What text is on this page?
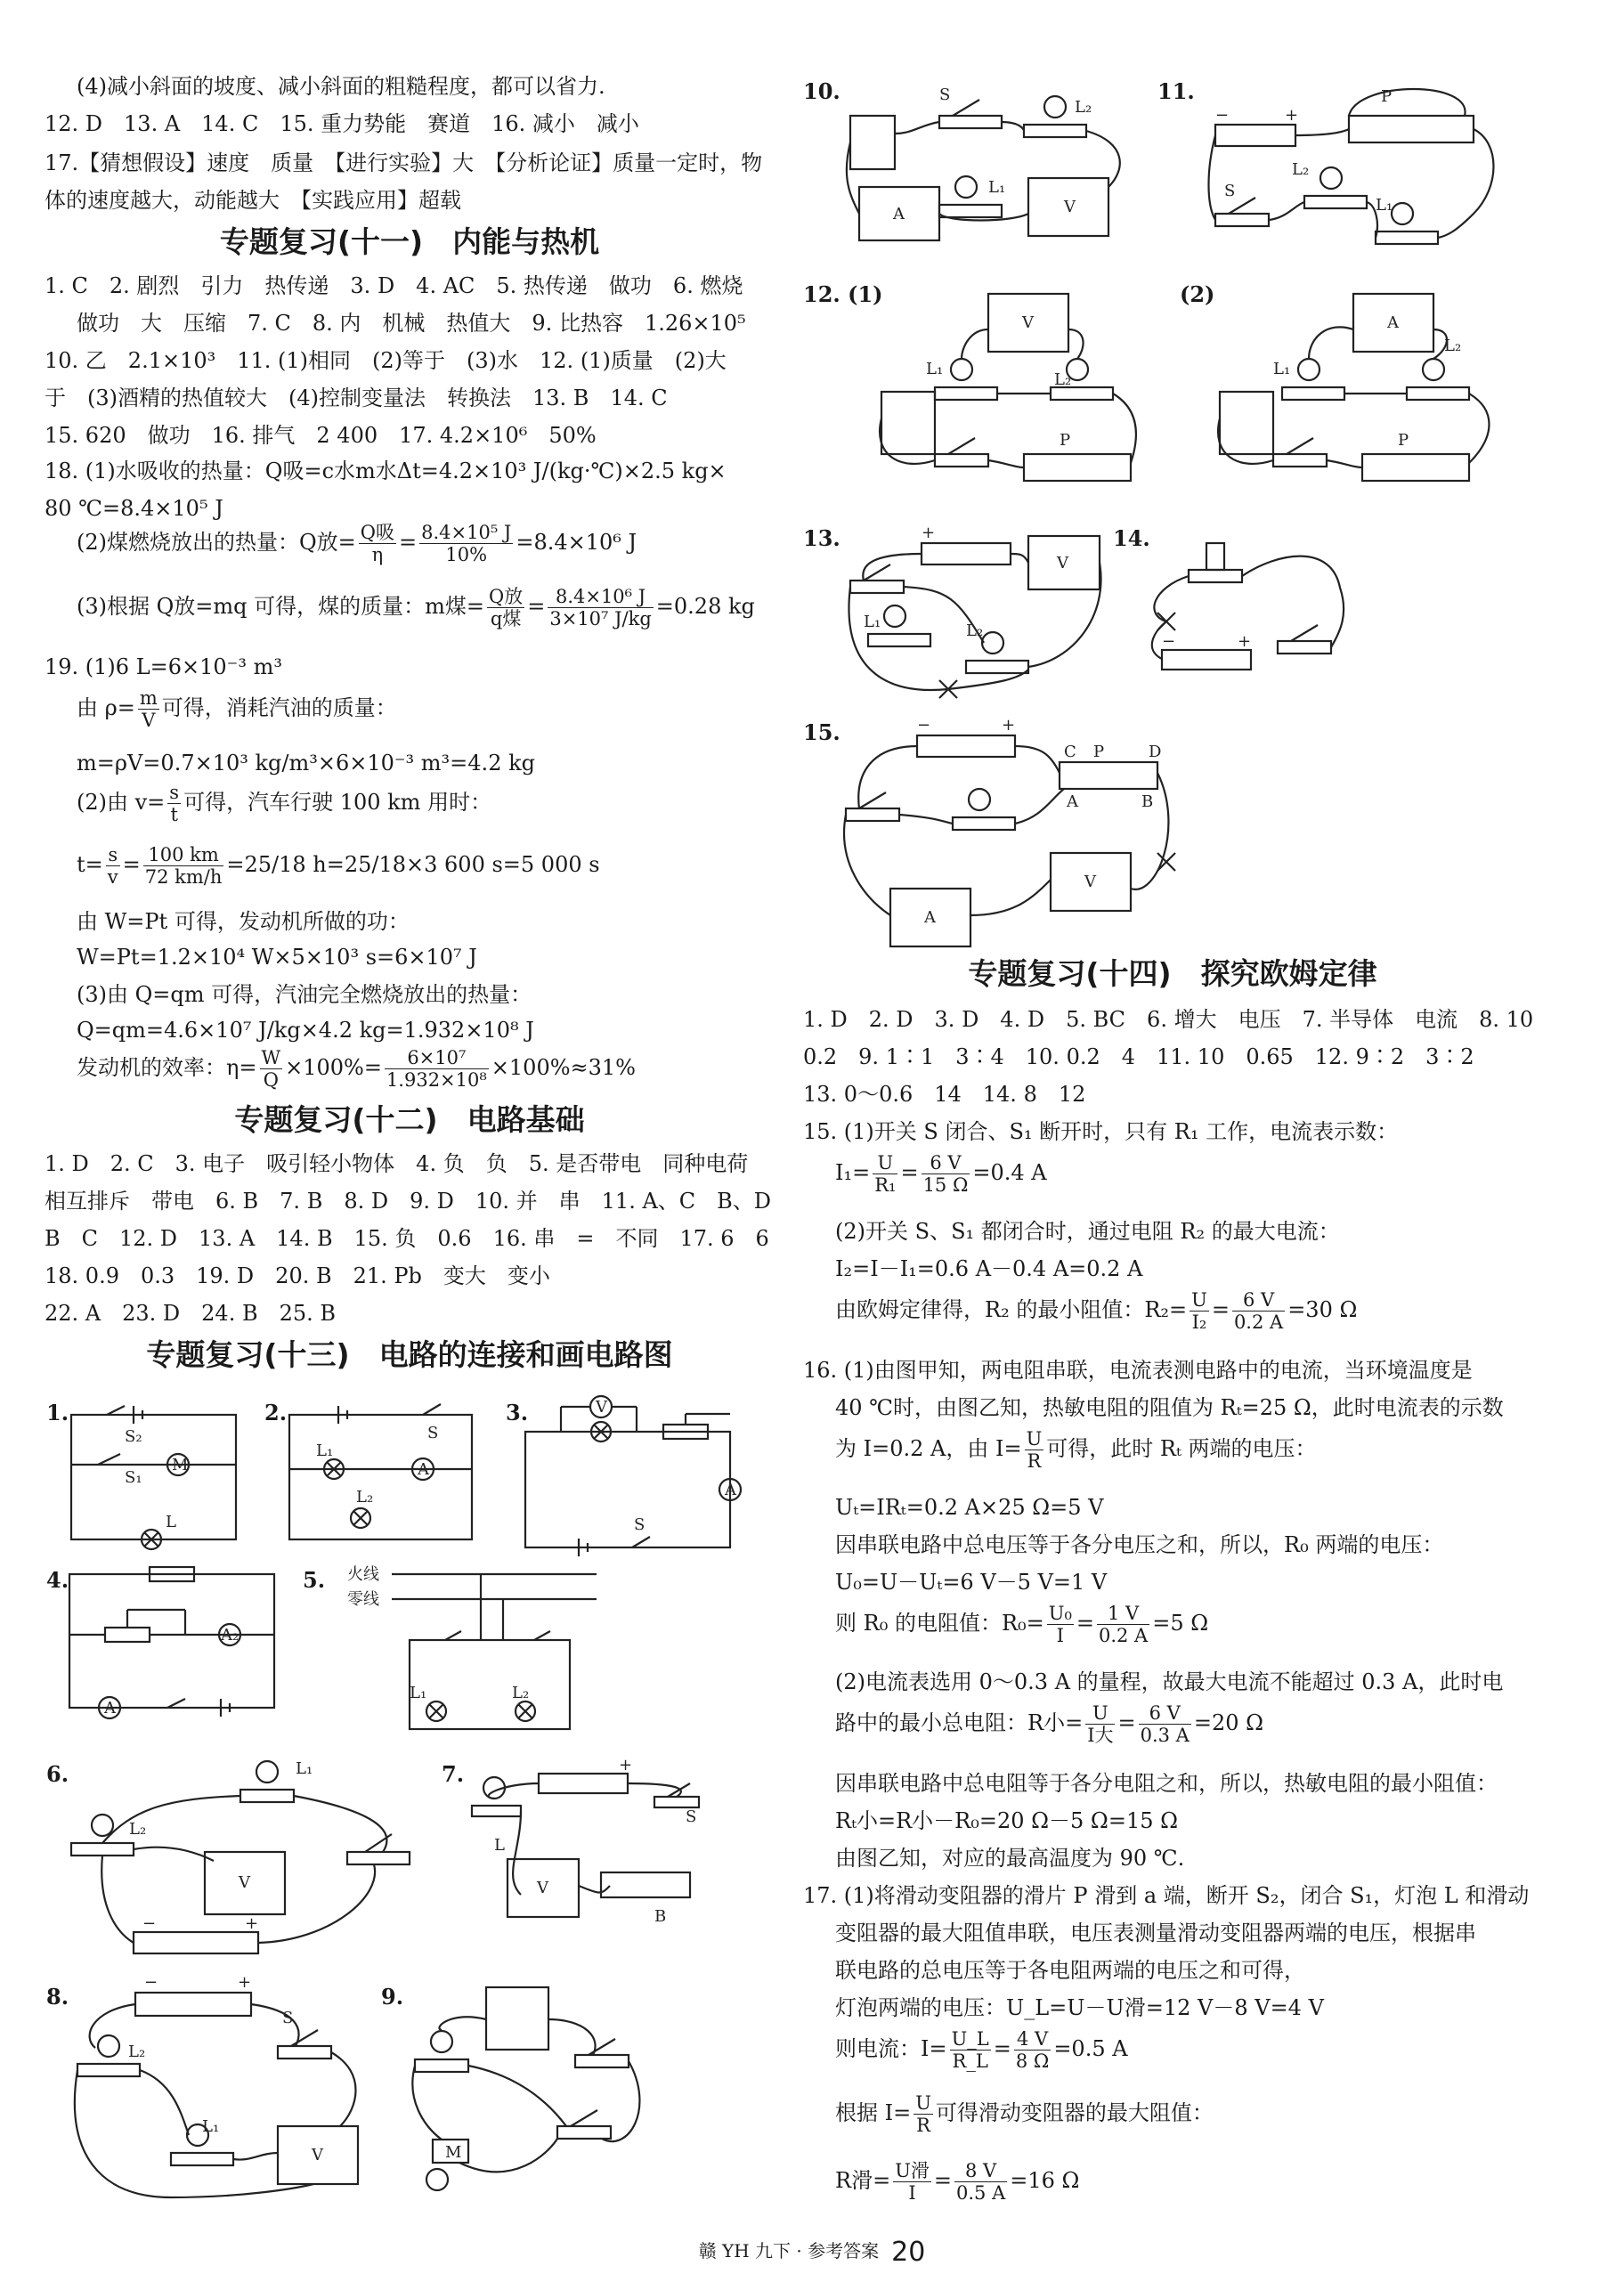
(4)减小斜面的坡度、减小斜面的粗糙程度，都可以省力.
12. D　13. A　14. C　15. 重力势能　赛道　16. 减小　减小
17.【猜想假设】速度　质量　【进行实验】大　【分析论证】质量一定时，物
体的速度越大，动能越大　【实践应用】超载
专题复习(十一)　内能与热机
1. C　2. 剧烈　引力　热传递　3. D　4. AC　5. 热传递　做功　6. 燃烧
做功　大　压缩　7. C　8. 内　机械　热值大　9. 比热容　1.26×10⁵
10. 乙　2.1×10³　11. (1)相同　(2)等于　(3)水　12. (1)质量　(2)大
于　(3)酒精的热值较大　(4)控制变量法　转换法　13. B　14. C
15. 620　做功　16. 排气　2 400　17. 4.2×10⁶　50%
18. (1)水吸收的热量：Q吸=c水m水Δt=4.2×10³ J/(kg·℃)×2.5 kg×
80 ℃=8.4×10⁵ J
(2)煤燃烧放出的热量：Q放= $\frac{\text{Q吸}}{\eta} = \frac{\text{8.4×10⁵ J}}{10\%} =8.4\times 10^6$ J
(3)根据 Q放=mq 可得，煤的质量：m煤= $\frac{\text{Q放}}{\text{q煤}} = \frac{\text{8.4×10⁶ J}}{\text{3×10⁷ J/kg}} =0.28$ kg
19. (1)6 L=6×10⁻³ m³
由 $\rho= \frac{m}{V}$ 可得，消耗汽油的质量：
m=ρV=0.7×10³ kg/m³×6×10⁻³ m³=4.2 kg
(2)由 $v= \frac{s}{t}$ 可得，汽车行驶 100 km 用时：
$t= \frac{s}{v} = \frac{100 km}{72 km/h} =25/18$ h=25/18×3 600 s=5 000 s
由 W=Pt 可得，发动机所做的功：
W=Pt=1.2×10⁴ W×5×10³ s=6×10⁷ J
(3)由 Q=qm 可得，汽油完全燃烧放出的热量：
Q=qm=4.6×10⁷ J/kg×4.2 kg=1.932×10⁸ J
发动机的效率：$\eta= \frac{W}{Q} \times 100\%= \frac{\text{6×10⁷}}{\text{1.932×10⁸}} \times 100\%\approx 31\%$
专题复习(十二)　电路基础
1. D　2. C　3. 电子　吸引轻小物体　4. 负　负　5. 是否带电　同种电荷
相互排斥　带电　6. B　7. B　8. D　9. D　10. 并　串　11. A、C　B、D
B　C　12. D　13. A　14. B　15. 负　0.6　16. 串　=　不同　17. 6　6
18. 0.9　0.3　19. D　20. B　21. Pb　变大　变小
22. A　23. D　24. B　25. B
专题复习(十三)　电路的连接和画电路图
专题复习(十四)　探究欧姆定律
1. D　2. D　3. D　4. D　5. BC　6. 增大　电压　7. 半导体　电流　8. 10
0.2　9. 1∶1　3∶4　10. 0.2　4　11. 10　0.65　12. 9∶2　3∶2
13. 0～0.6　14　14. 8　12
15. (1)开关 S 闭合、S₁ 断开时，只有 R₁ 工作，电流表示数：
$I_1= \frac{U}{\text{R₁}} = \frac{6 V}{15 \Omega} =0.4$ A
(2)开关 S、S₁ 都闭合时，通过电阻 R₂ 的最大电流：
I₂=I－I₁=0.6 A－0.4 A=0.2 A
由欧姆定律得，R₂ 的最小阻值：$R_2= \frac{U}{\text{I₂}} = \frac{6 V}{0.2 A} =30$ Ω
16. (1)由图甲知，两电阻串联，电流表测电路中的电流，当环境温度是
40 ℃时，由图乙知，热敏电阻的阻值为 Rₜ=25 Ω，此时电流表的示数
为 I=0.2 A，由 $I= \frac{U}{R}$ 可得，此时 Rₜ 两端的电压：
Uₜ=IRₜ=0.2 A×25 Ω=5 V
因串联电路中总电压等于各分电压之和，所以，R₀ 两端的电压：
U₀=U－Uₜ=6 V－5 V=1 V
则 R₀ 的电阻值：$R_0= \frac{\text{U₀}}{I} = \frac{1 V}{0.2 A} =5$ Ω
(2)电流表选用 0～0.3 A 的量程，故最大电流不能超过 0.3 A，此时电
路中的最小总电阻：R小= $\frac{U}{\text{I大}} = \frac{6 V}{0.3 A} =20$ Ω
因串联电路中总电阻等于各分电阻之和，所以，热敏电阻的最小阻值：
Rₜ小=R小－R₀=20 Ω－5 Ω=15 Ω
由图乙知，对应的最高温度为 90 ℃.
17. (1)将滑动变阻器的滑片 P 滑到 a 端，断开 S₂，闭合 S₁，灯泡 L 和滑动
变阻器的最大阻值串联，电压表测量滑动变阻器两端的电压，根据串
联电路的总电压等于各电阻两端的电压之和可得，
灯泡两端的电压：U_L=U－U滑=12 V－8 V=4 V
则电流：$I= \frac{U\_L}{R\_L} = \frac{4 V}{8 \Omega} =0.5$ A
根据 $I= \frac{U}{R}$ 可得滑动变阻器的最大阻值：
R滑= $\frac{\text{U滑}}{I} = \frac{8 V}{0.5 A} =16$ Ω
1.
S₂
S₁
M
L
2.
S
L₁
A
L₂
3.	V
A
S
4.
A₂
A
5. 火线
零线
L₁	L₂
6.	L₁
L₂
V
−	+
7.	+
L
S
V
B
8.
−	+
L₂
S
L₁
V
9.
M
10.	S
L₂
A
L₁
V
11.
−	+
P
S
L₂
L₁
12. (1)
V
L₁
L₂
P
(2)
A
L₁
L₂
P
13.	+
V
L₁	L₂
14.
−	+
15.	−	+
C P	D
A	B
V
A
赣 YH 九下 · 参考答案 20
